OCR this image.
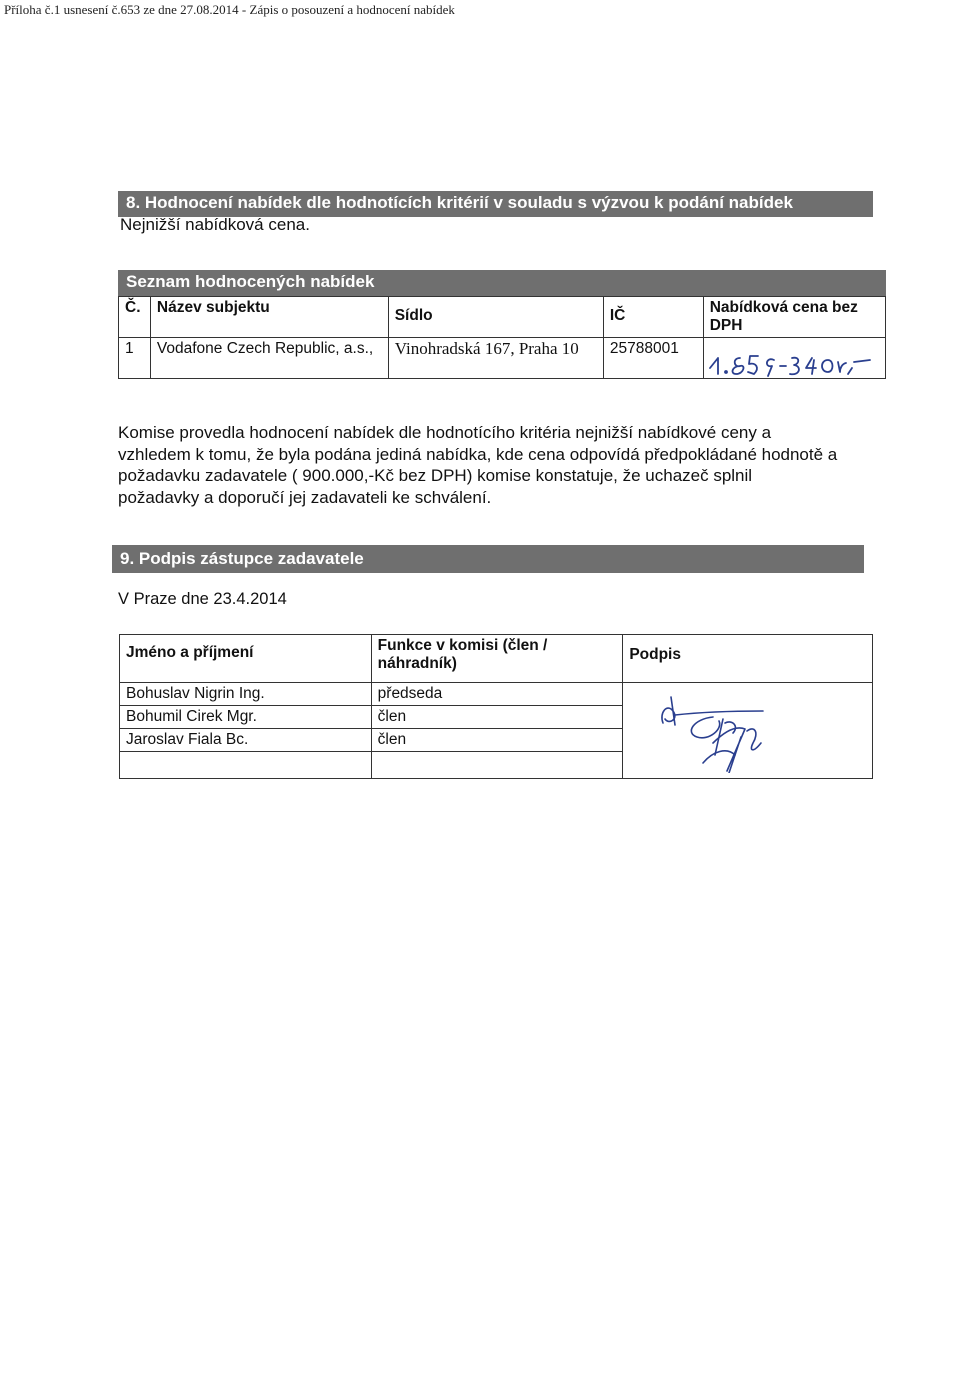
Příloha č.1 usnesení č.653 ze dne 27.08.2014 - Zápis o posouzení a hodnocení nabídek
8. Hodnocení nabídek dle hodnotících kritérií v souladu s výzvou k podání nabídek
Nejnižší nabídková cena.
Seznam hodnocených nabídek
Č.	Název subjektu	Sídlo	IČ	Nabídková cena bez DPH
1	Vodafone Czech Republic, a.s.,	Vinohradská 167, Praha 10	25788001	
Komise provedla hodnocení nabídek dle hodnotícího kritéria nejnižší nabídkové ceny a vzhledem k tomu, že byla podána jediná nabídka, kde cena odpovídá předpokládané hodnotě a požadavku zadavatele ( 900.000,-Kč bez DPH) komise konstatuje, že uchazeč splnil požadavky a doporučí jej zadavateli ke schválení.
9. Podpis zástupce zadavatele
V Praze dne 23.4.2014
Jméno a příjmení	Funkce v komisi (člen / náhradník)	Podpis
Bohuslav Nigrin Ing.	předseda	

Bohumil Cirek Mgr.	člen	
Jaroslav Fiala Bc.	člen	
